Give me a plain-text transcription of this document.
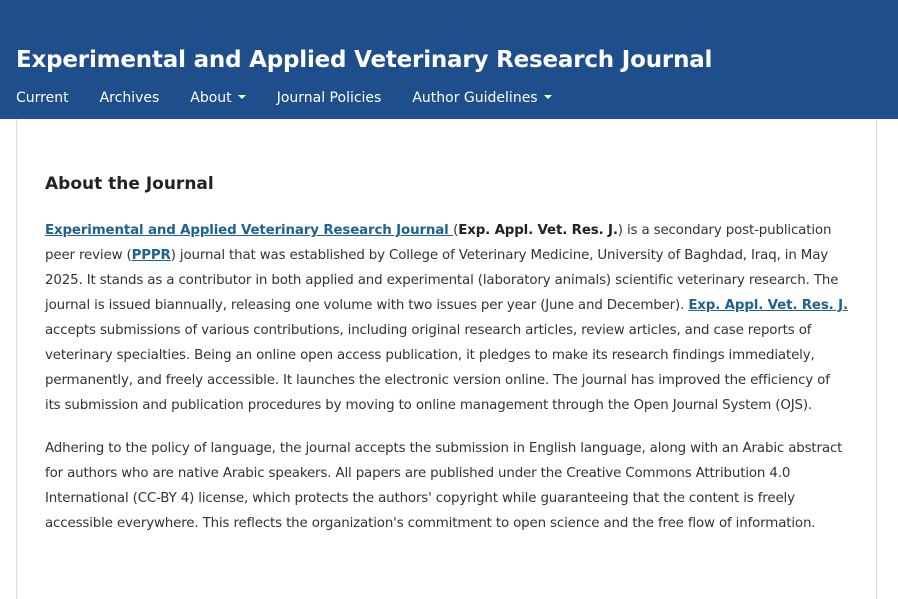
Experimental and Applied Veterinary Research Journal
Current Archives About	Journal Policies Author Guidelines
About the Journal

Experimental and Applied Veterinary Research Journal (Exp. Appl. Vet. Res. J.) is a secondary post-publication peer review (PPPR) journal that was established by College of Veterinary Medicine, University of Baghdad, Iraq, in May 2025. It stands as a contributor in both applied and experimental (laboratory animals) scientific veterinary research. The journal is issued biannually, releasing one volume with two issues per year (June and December). Exp. Appl. Vet. Res. J. accepts submissions of various contributions, including original research articles, review articles, and case reports of veterinary specialties. Being an online open access publication, it pledges to make its research findings immediately, permanently, and freely accessible. It launches the electronic version online. The journal has improved the efficiency of its submission and publication procedures by moving to online management through the Open Journal System (OJS).

Adhering to the policy of language, the journal accepts the submission in English language, along with an Arabic abstract for authors who are native Arabic speakers. All papers are published under the Creative Commons Attribution 4.0 International (CC-BY 4) license, which protects the authors' copyright while guaranteeing that the content is freely accessible everywhere. This reflects the organization's commitment to open science and the free flow of information.
